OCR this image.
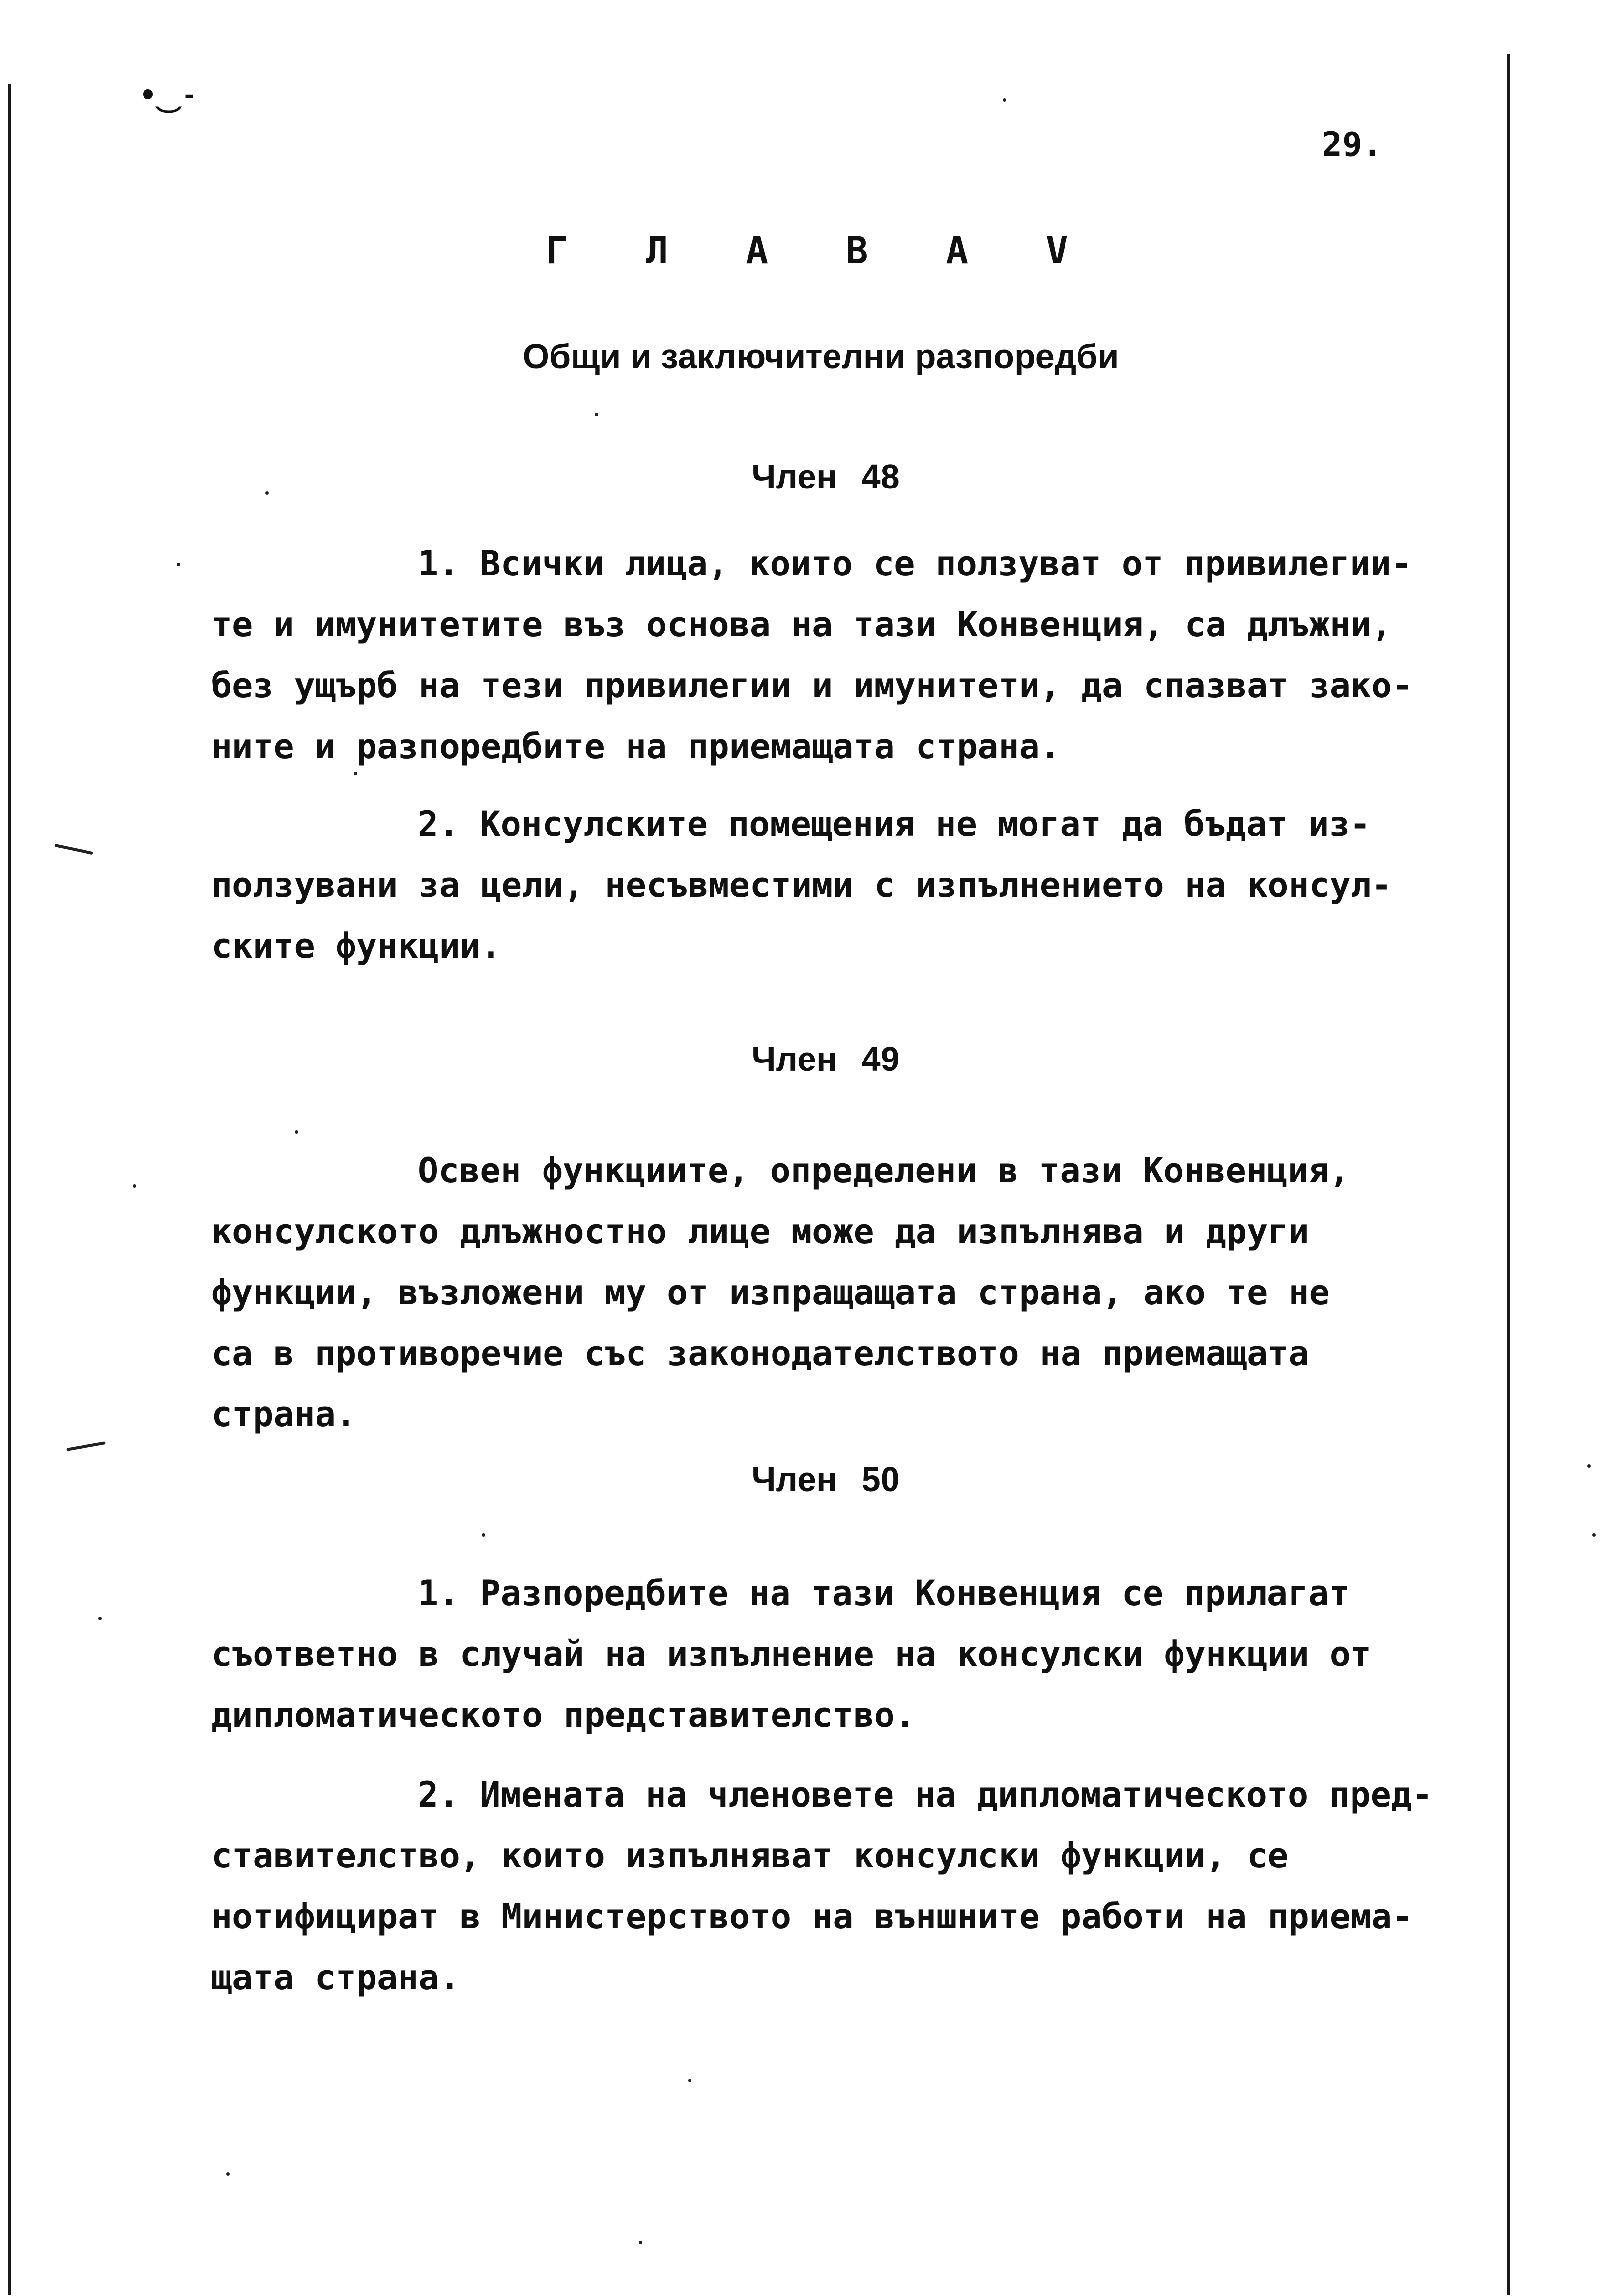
•͜ ˗
29.
Г Л А В А V
Общи и заключителни разпоредби
Член 48
1. Всички лица, които се ползуват от привилегии-
те и имунитетите въз основа на тази Конвенция, са длъжни,
без ущърб на тези привилегии и имунитети, да спазват зако-
ните и разпоредбите на приемащата страна.
2. Консулските помещения не могат да бъдат из-
ползувани за цели, несъвместими с изпълнението на консул-
ските функции.
Член 49
Освен функциите, определени в тази Конвенция,
консулското длъжностно лице може да изпълнява и други
функции, възложени му от изпращащата страна, ако те не
са в противоречие със законодателството на приемащата
страна.
Член 50
1. Разпоредбите на тази Конвенция се прилагат
съответно в случай на изпълнение на консулски функции от
дипломатическото представителство.
2. Имената на членовете на дипломатическото пред-
ставителство, които изпълняват консулски функции, се
нотифицират в Министерството на външните работи на приема-
щата страна.
